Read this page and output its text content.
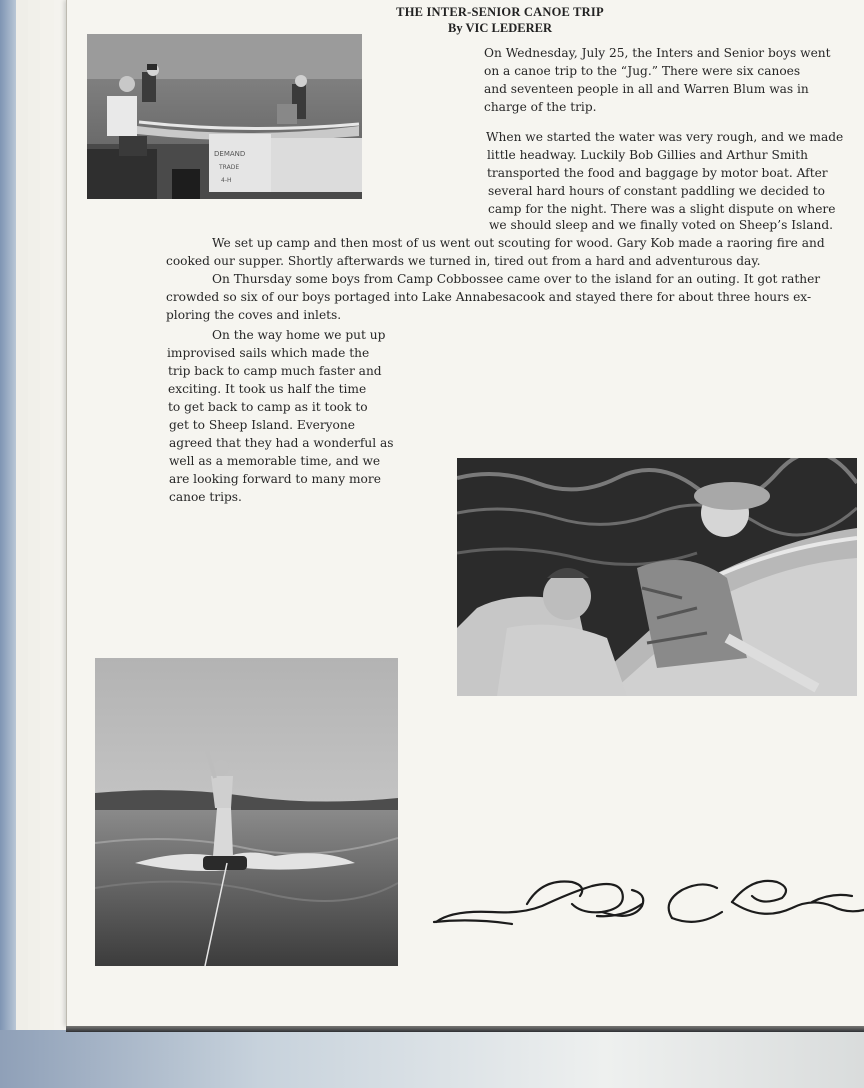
THE INTER-SENIOR CANOE TRIP
By VIC LEDERER
DEMAND
TRADE
4-H
On Wednesday, July 25, the Inters and Senior boys went
on a canoe trip to the “Jug.” There were six canoes
and seventeen people in all and Warren Blum was in
charge of the trip.
When we started the water was very rough, and we made
little headway. Luckily Bob Gillies and Arthur Smith
transported the food and baggage by motor boat. After
several hard hours of constant paddling we decided to
camp for the night. There was a slight dispute on where
we should sleep and we finally voted on Sheep’s Island.
We set up camp and then most of us went out scouting for wood. Gary Kob made a raoring fire and
cooked our supper. Shortly afterwards we turned in, tired out from a hard and adventurous day.
On Thursday some boys from Camp Cobbossee came over to the island for an outing. It got rather
crowded so six of our boys portaged into Lake Annabesacook and stayed there for about three hours ex-
ploring the coves and inlets.
On the way home we put up
improvised sails which made the
trip back to camp much faster and
exciting. It took us half the time
to get back to camp as it took to
get to Sheep Island. Everyone
agreed that they had a wonderful as
well as a memorable time, and we
are looking forward to many more
canoe trips.
